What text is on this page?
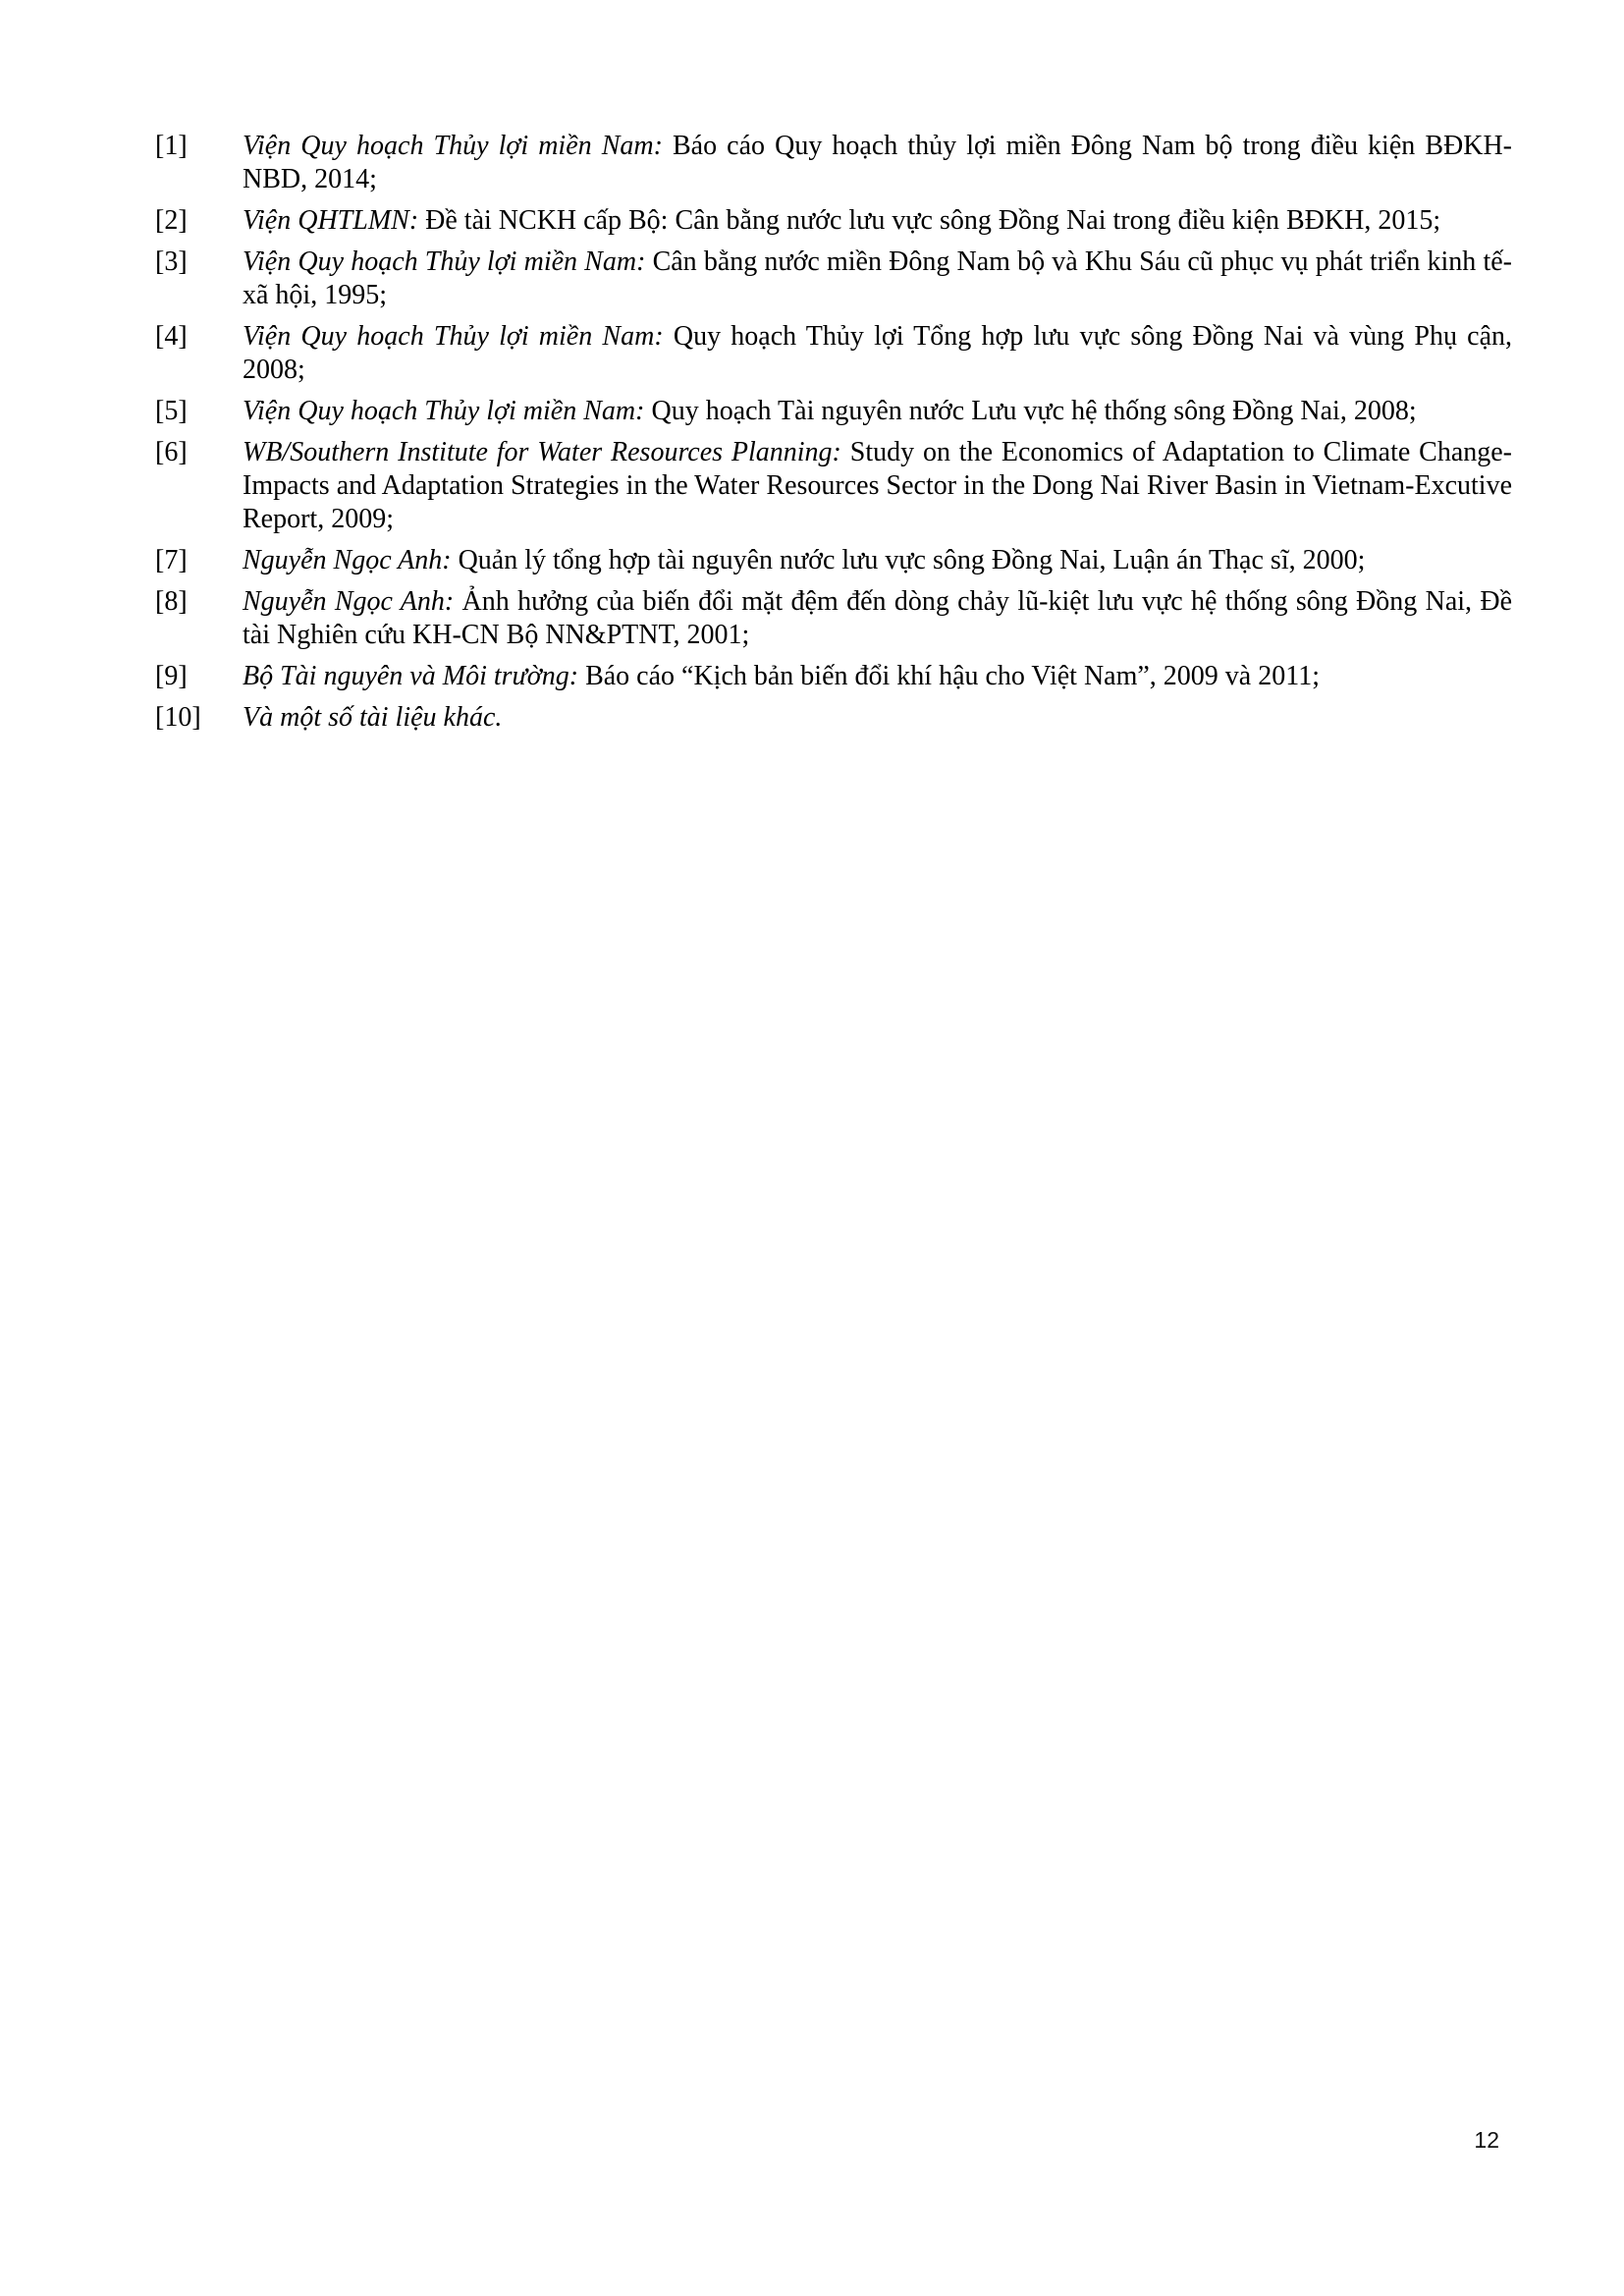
[1]	Viện Quy hoạch Thủy lợi miền Nam: Báo cáo Quy hoạch thủy lợi miền Đông Nam bộ trong điều kiện BĐKH-NBD, 2014;
[2]	Viện QHTLMN: Đề tài NCKH cấp Bộ: Cân bằng nước lưu vực sông Đồng Nai trong điều kiện BĐKH, 2015;
[3]	Viện Quy hoạch Thủy lợi miền Nam: Cân bằng nước miền Đông Nam bộ và Khu Sáu cũ phục vụ phát triển kinh tế-xã hội, 1995;
[4]	Viện Quy hoạch Thủy lợi miền Nam: Quy hoạch Thủy lợi Tổng hợp lưu vực sông Đồng Nai và vùng Phụ cận, 2008;
[5]	Viện Quy hoạch Thủy lợi miền Nam: Quy hoạch Tài nguyên nước Lưu vực hệ thống sông Đồng Nai, 2008;
[6]	WB/Southern Institute for Water Resources Planning: Study on the Economics of Adaptation to Climate Change-Impacts and Adaptation Strategies in the Water Resources Sector in the Dong Nai River Basin in Vietnam-Excutive Report, 2009;
[7]	Nguyễn Ngọc Anh: Quản lý tổng hợp tài nguyên nước lưu vực sông Đồng Nai, Luận án Thạc sĩ, 2000;
[8]	Nguyễn Ngọc Anh: Ảnh hưởng của biến đổi mặt đệm đến dòng chảy lũ-kiệt lưu vực hệ thống sông Đồng Nai, Đề tài Nghiên cứu KH-CN Bộ NN&PTNT, 2001;
[9]	Bộ Tài nguyên và Môi trường: Báo cáo “Kịch bản biến đổi khí hậu cho Việt Nam”, 2009 và 2011;
[10]	Và một số tài liệu khác.
12
